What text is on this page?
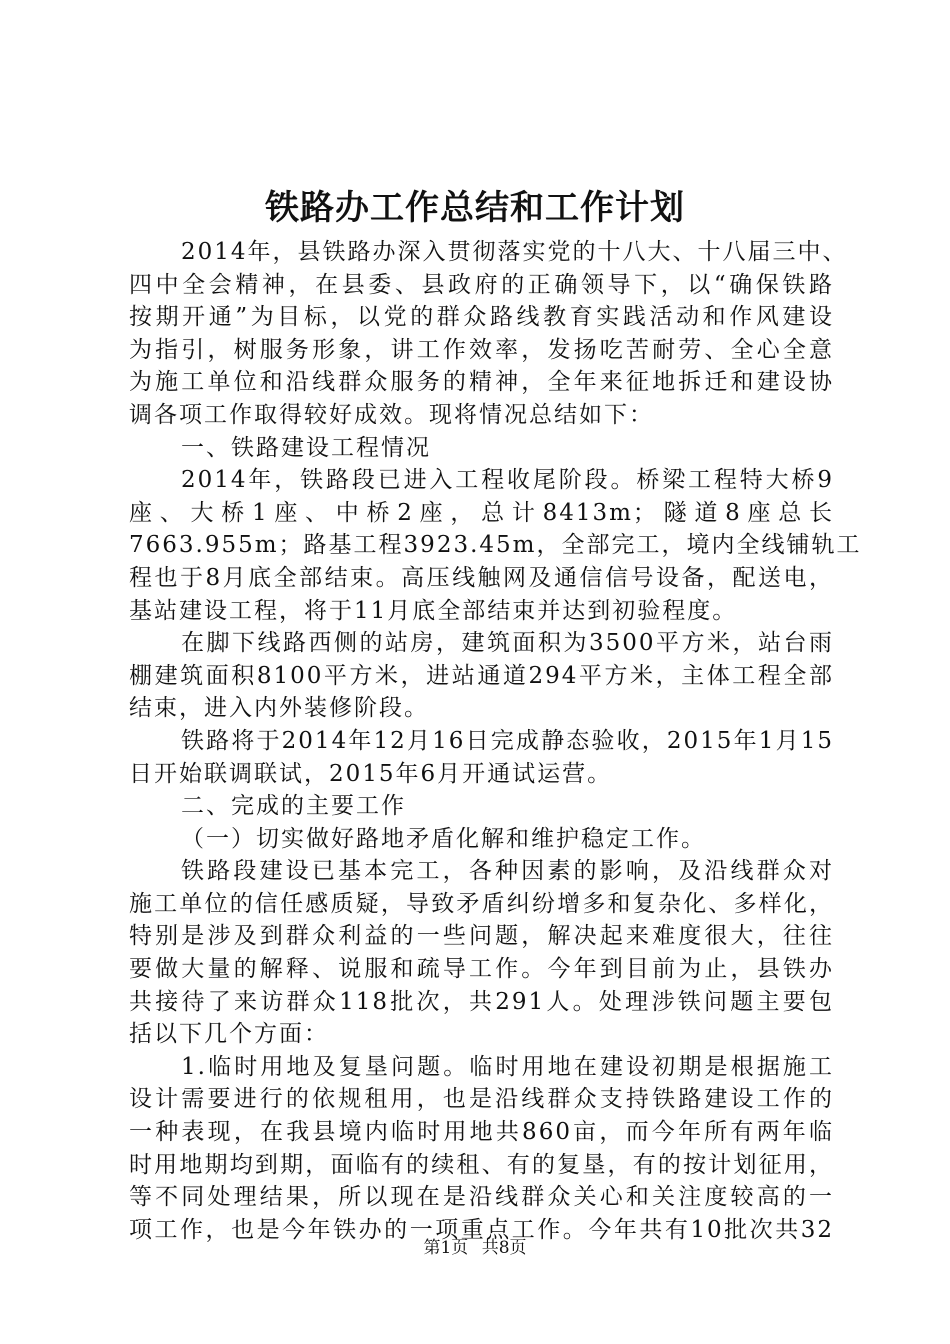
铁路办工作总结和工作计划
2014年，县铁路办深入贯彻落实党的十八大、十八届三中、
四中全会精神，在县委、县政府的正确领导下，以“确保铁路
按期开通”为目标，以党的群众路线教育实践活动和作风建设
为指引，树服务形象，讲工作效率，发扬吃苦耐劳、全心全意
为施工单位和沿线群众服务的精神，全年来征地拆迁和建设协
调各项工作取得较好成效。现将情况总结如下：
一、铁路建设工程情况
2014年，铁路段已进入工程收尾阶段。桥梁工程特大桥9
座、大桥1座、中桥2座，总计8413m；隧道8座总长
7663.955m；路基工程3923.45m，全部完工，境内全线铺轨工
程也于8月底全部结束。高压线触网及通信信号设备，配送电，
基站建设工程，将于11月底全部结束并达到初验程度。
在脚下线路西侧的站房，建筑面积为3500平方米，站台雨
棚建筑面积8100平方米，进站通道294平方米，主体工程全部
结束，进入内外装修阶段。
铁路将于2014年12月16日完成静态验收，2015年1月15
日开始联调联试，2015年6月开通试运营。
二、完成的主要工作
（一）切实做好路地矛盾化解和维护稳定工作。
铁路段建设已基本完工，各种因素的影响，及沿线群众对
施工单位的信任感质疑，导致矛盾纠纷增多和复杂化、多样化，
特别是涉及到群众利益的一些问题，解决起来难度很大，往往
要做大量的解释、说服和疏导工作。今年到目前为止，县铁办
共接待了来访群众118批次，共291人。处理涉铁问题主要包
括以下几个方面：
1.临时用地及复垦问题。临时用地在建设初期是根据施工
设计需要进行的依规租用，也是沿线群众支持铁路建设工作的
一种表现，在我县境内临时用地共860亩，而今年所有两年临
时用地期均到期，面临有的续租、有的复垦，有的按计划征用，
等不同处理结果，所以现在是沿线群众关心和关注度较高的一
项工作，也是今年铁办的一项重点工作。今年共有10批次共32
第1页 共8页
